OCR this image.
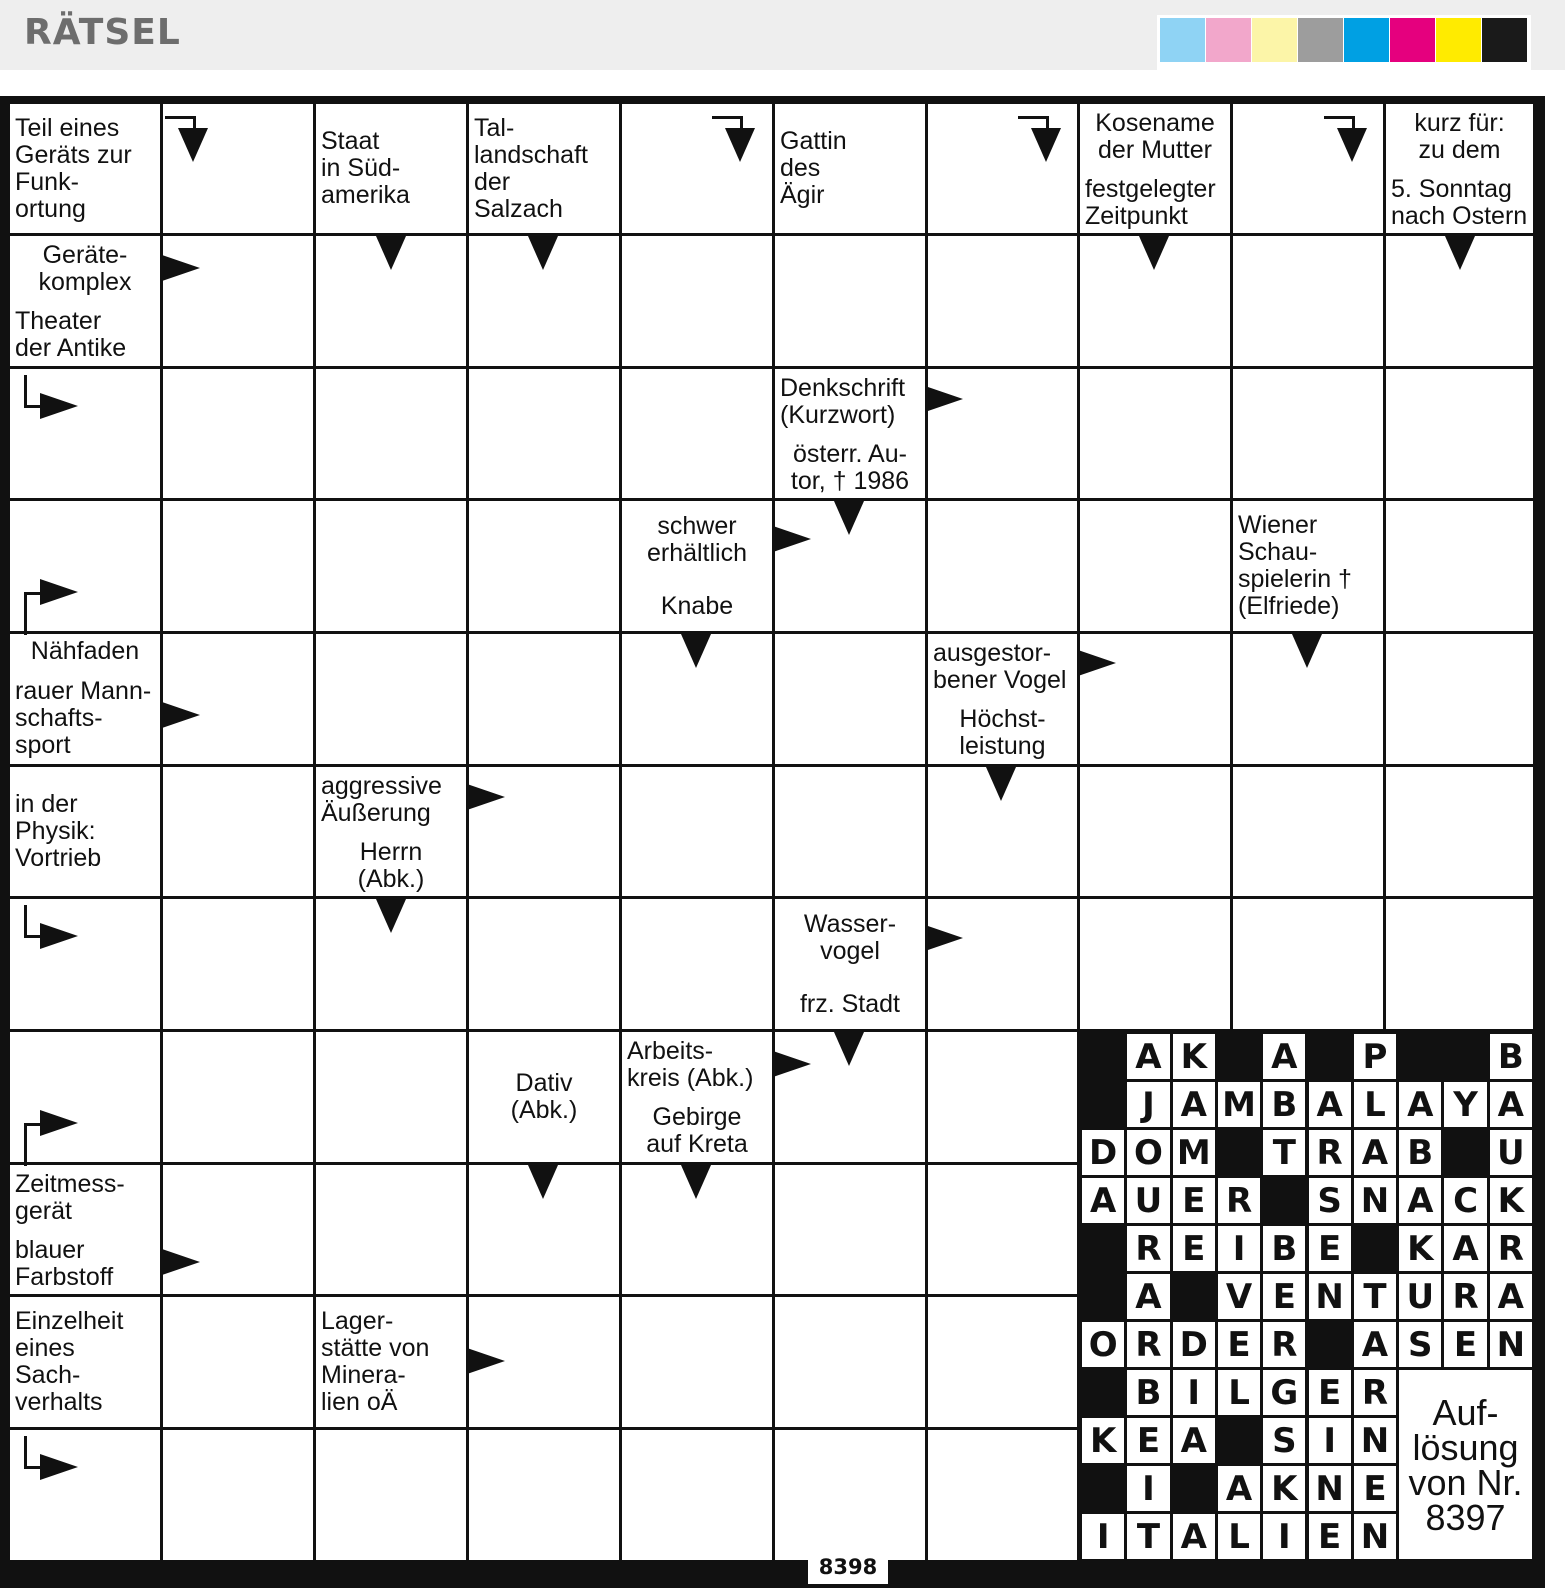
RÄTSEL
Teil eines
Geräts zur
Funk-
ortung
Staat
in Süd-
amerika
Tal-
landschaft
der
Salzach
Gattin
des
Ägir
Kosename
der Mutter
festgelegter
Zeitpunkt
kurz für:
zu dem
5. Sonntag
nach Ostern
Geräte-
komplex
Theater
der Antike
Denkschrift
(Kurzwort)
österr. Au-
tor, † 1986
schwer
erhältlich
Knabe
Wiener
Schau-
spielerin †
(Elfriede)
Nähfaden
rauer Mann-
schafts-
sport
ausgestor-
bener Vogel
Höchst-
leistung
in der
Physik:
Vortrieb
aggressive
Äußerung
Herrn
(Abk.)
Wasser-
vogel
frz. Stadt
Dativ
(Abk.)
Arbeits-
kreis (Abk.)
Gebirge
auf Kreta
Zeitmess-
gerät
blauer
Farbstoff
Einzelheit
eines
Sach-
verhalts
Lager-
stätte von
Minera-
lien oÄ
A K A P	B
J A M B A L A Y A
D O M T R A B U
A U E R S N A C K
R E I B E K A R
A V E N T U R A
O R D E R A S E N
B I L G E R
K E A S I N
I	A K N E
I T A L I E N
Auf-
lösung
von Nr.
8397
8398
